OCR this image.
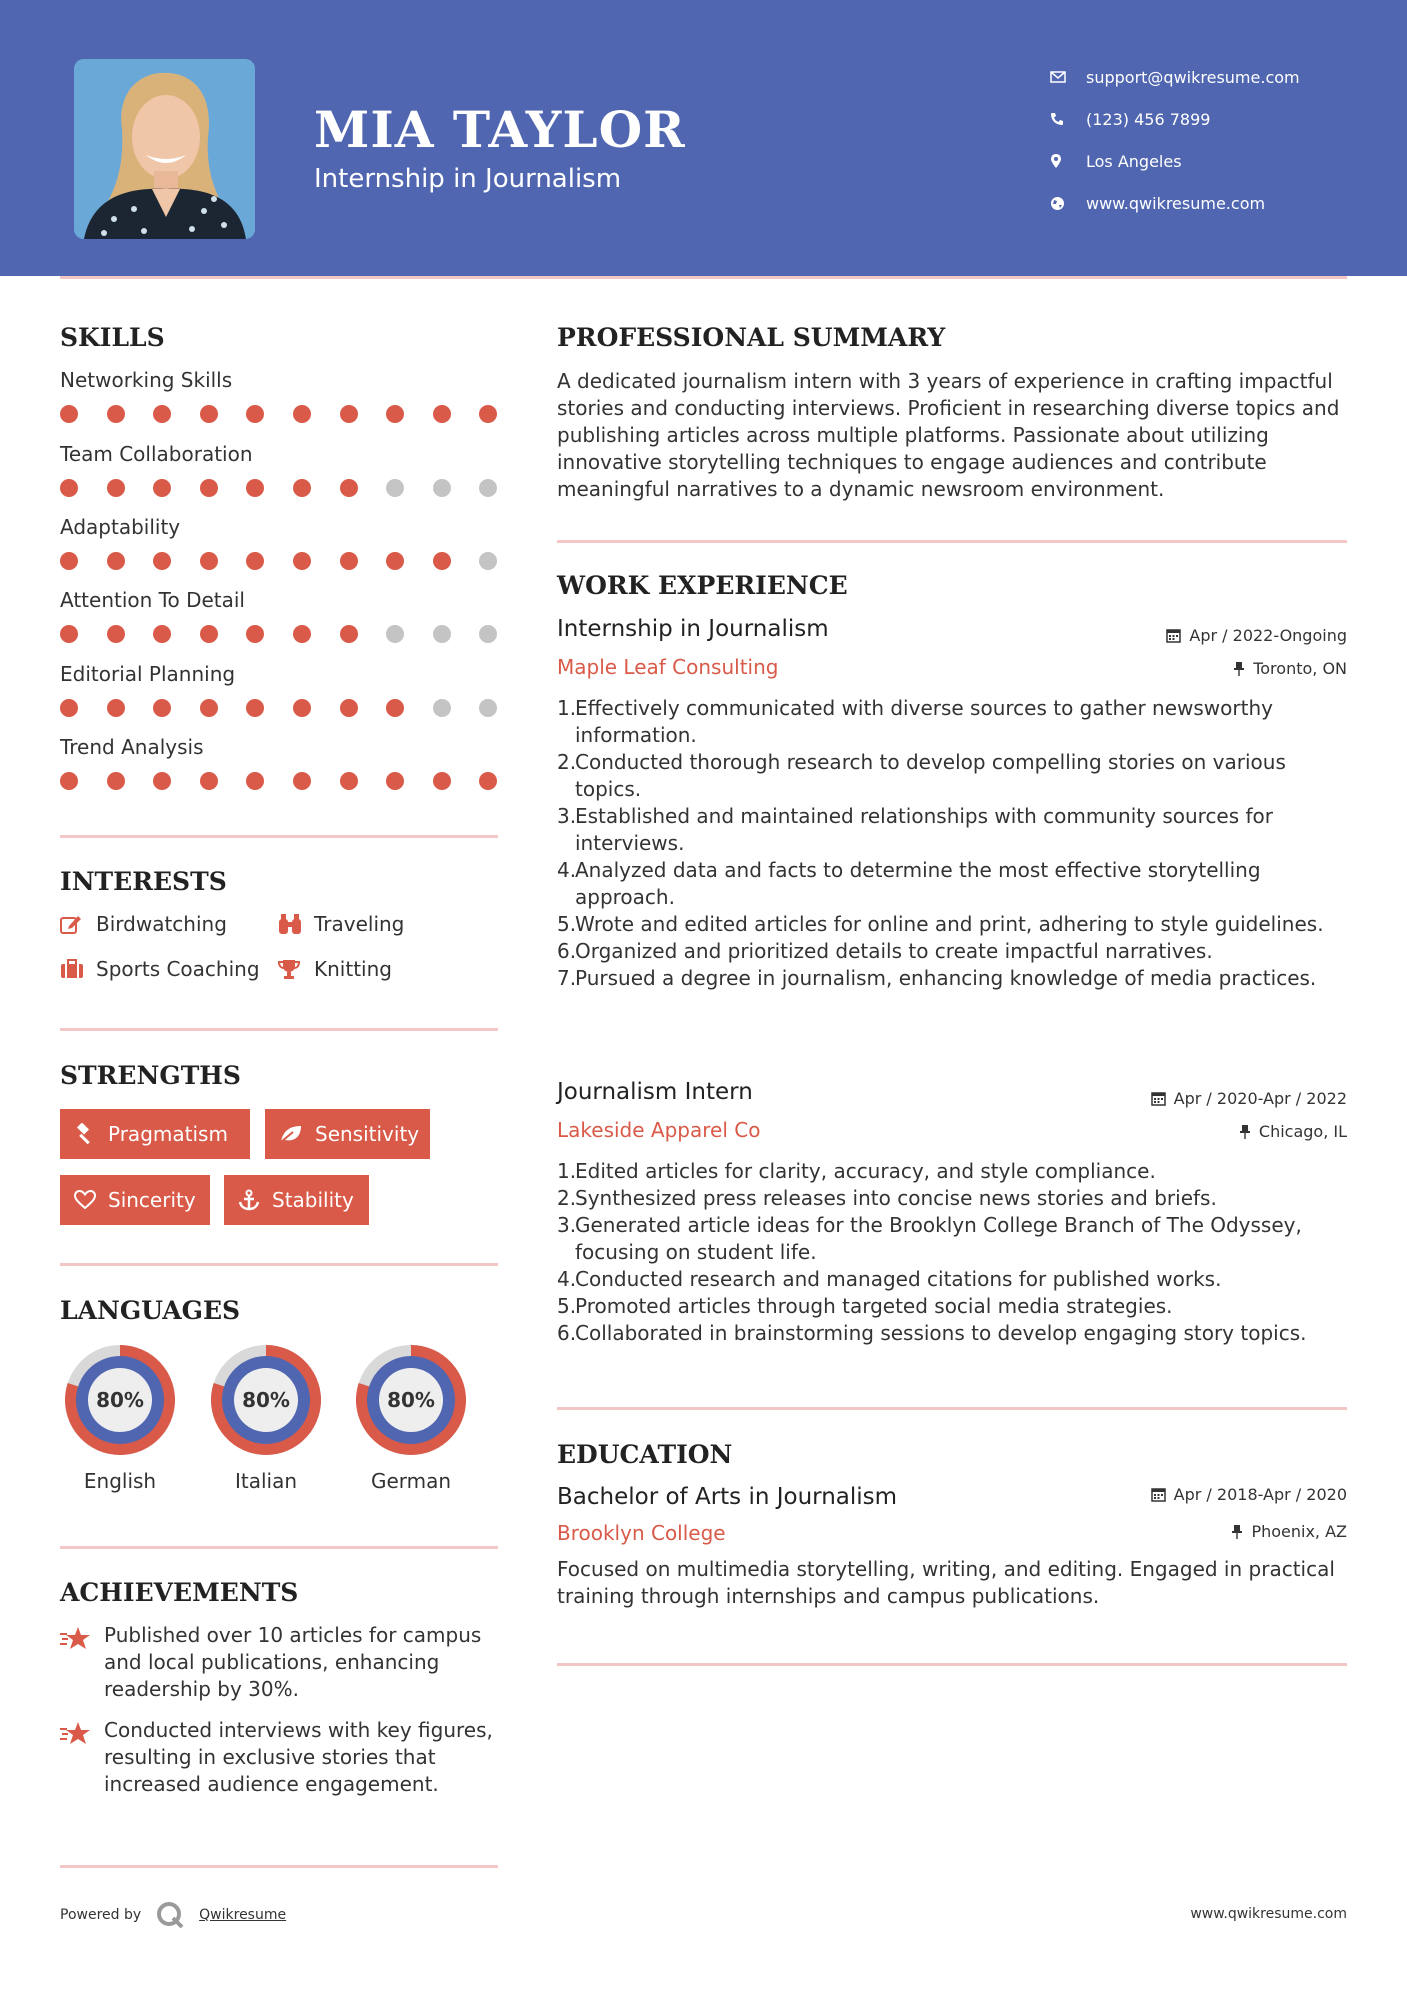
MIA TAYLOR
Internship in Journalism
support@qwikresume.com
(123) 456 7899
Los Angeles
www.qwikresume.com
SKILLS
Networking Skills
Team Collaboration
Adaptability
Attention To Detail
Editorial Planning
Trend Analysis
INTERESTS
Birdwatching	Traveling
Sports Coaching	Knitting
STRENGTHS
Pragmatism	Sensitivity
Sincerity	Stability
LANGUAGES
80%
English
80%
Italian
80%
German
ACHIEVEMENTS
Published over 10 articles for campus and local publications, enhancing readership by 30%.
Conducted interviews with key figures, resulting in exclusive stories that increased audience engagement.
PROFESSIONAL SUMMARY
A dedicated journalism intern with 3 years of experience in crafting impactful stories and conducting interviews. Proficient in researching diverse topics and publishing articles across multiple platforms. Passionate about utilizing innovative storytelling techniques to engage audiences and contribute meaningful narratives to a dynamic newsroom environment.
WORK EXPERIENCE
Internship in Journalism	Apr / 2022-Ongoing
Maple Leaf Consulting	Toronto, ON
1.
Effectively communicated with diverse sources to gather newsworthy information.
2.
Conducted thorough research to develop compelling stories on various topics.
3.
Established and maintained relationships with community sources for interviews.
4.
Analyzed data and facts to determine the most effective storytelling approach.
5.
Wrote and edited articles for online and print, adhering to style guidelines.
6.
Organized and prioritized details to create impactful narratives.
7.
Pursued a degree in journalism, enhancing knowledge of media practices.
Journalism Intern	Apr / 2020-Apr / 2022
Lakeside Apparel Co	Chicago, IL
1.
Edited articles for clarity, accuracy, and style compliance.
2.
Synthesized press releases into concise news stories and briefs.
3.
Generated article ideas for the Brooklyn College Branch of The Odyssey, focusing on student life.
4.
Conducted research and managed citations for published works.
5.
Promoted articles through targeted social media strategies.
6.
Collaborated in brainstorming sessions to develop engaging story topics.
EDUCATION
Bachelor of Arts in Journalism	Apr / 2018-Apr / 2020
Brooklyn College	Phoenix, AZ
Focused on multimedia storytelling, writing, and editing. Engaged in practical training through internships and campus publications.
Powered by	Qwikresume	www.qwikresume.com
